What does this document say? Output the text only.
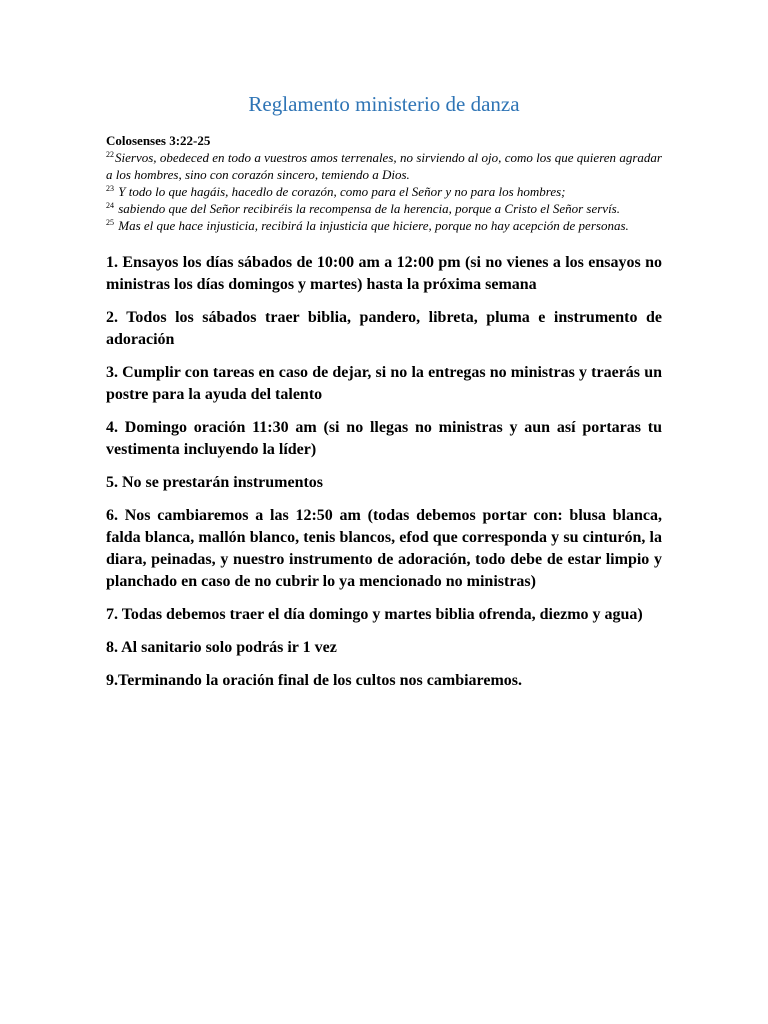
Reglamento ministerio de danza
Colosenses 3:22-25
$^{22}$Siervos, obedeced en todo a vuestros amos terrenales, no sirviendo al ojo, como los que quieren agradar a los hombres, sino con corazón sincero, temiendo a Dios.
$^{23}$ Y todo lo que hagáis, hacedlo de corazón, como para el Señor y no para los hombres;
$^{24}$ sabiendo que del Señor recibiréis la recompensa de la herencia, porque a Cristo el Señor servís.
$^{25}$ Mas el que hace injusticia, recibirá la injusticia que hiciere, porque no hay acepción de personas.
1. Ensayos los días sábados de 10:00 am a 12:00 pm (si no vienes a los ensayos no ministras los días domingos y martes) hasta la próxima semana
2. Todos los sábados traer biblia, pandero, libreta, pluma e instrumento de adoración
3. Cumplir con tareas en caso de dejar, si no la entregas no ministras y traerás un postre para la ayuda del talento
4. Domingo oración 11:30 am (si no llegas no ministras y aun así portaras tu vestimenta incluyendo la líder)
5. No se prestarán instrumentos
6. Nos cambiaremos a las 12:50 am (todas debemos portar con: blusa blanca, falda blanca, mallón blanco, tenis blancos, efod que corresponda y su cinturón, la diara, peinadas, y nuestro instrumento de adoración, todo debe de estar limpio y planchado en caso de no cubrir lo ya mencionado no ministras)
7. Todas debemos traer el día domingo y martes biblia ofrenda, diezmo y agua)
8. Al sanitario solo podrás ir 1 vez
9.Terminando la oración final de los cultos nos cambiaremos.
